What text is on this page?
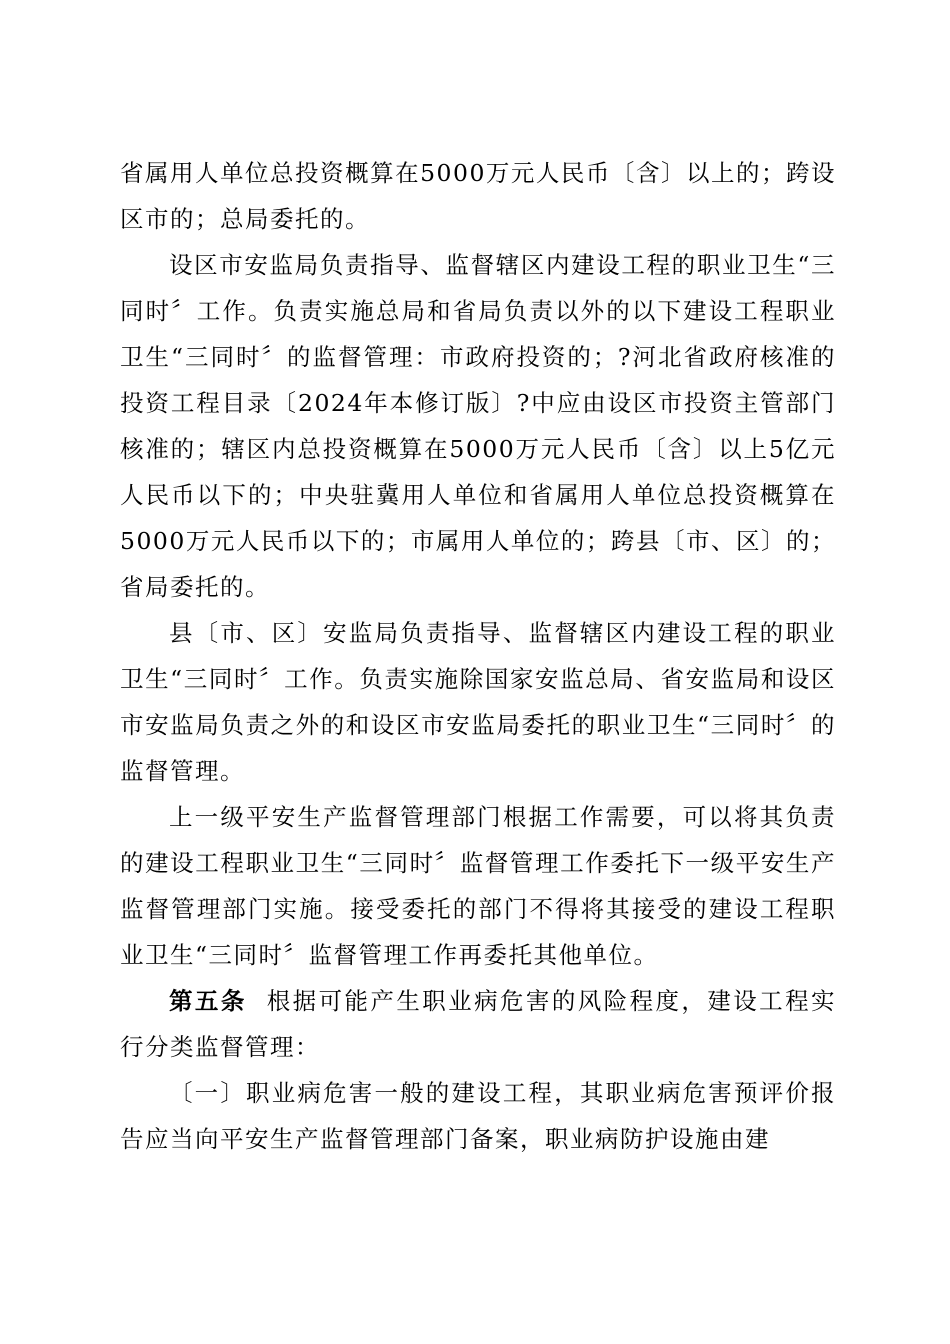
省属用人单位总投资概算在5000万元人民币〔含〕以上的；跨设区市的；总局委托的。

设区市安监局负责指导、监督辖区内建设工程的职业卫生“三同时〞工作。负责实施总局和省局负责以外的以下建设工程职业卫生“三同时〞的监督管理：市政府投资的；?河北省政府核准的投资工程目录〔2024年本修订版〕?中应由设区市投资主管部门核准的；辖区内总投资概算在5000万元人民币〔含〕以上5亿元人民币以下的；中央驻冀用人单位和省属用人单位总投资概算在5000万元人民币以下的；市属用人单位的；跨县〔市、区〕的；省局委托的。

县〔市、区〕安监局负责指导、监督辖区内建设工程的职业卫生“三同时〞工作。负责实施除国家安监总局、省安监局和设区市安监局负责之外的和设区市安监局委托的职业卫生“三同时〞的监督管理。

上一级平安生产监督管理部门根据工作需要，可以将其负责的建设工程职业卫生“三同时〞监督管理工作委托下一级平安生产监督管理部门实施。接受委托的部门不得将其接受的建设工程职业卫生“三同时〞监督管理工作再委托其他单位。

第五条 根据可能产生职业病危害的风险程度，建设工程实行分类监督管理：

〔一〕职业病危害一般的建设工程，其职业病危害预评价报告应当向平安生产监督管理部门备案，职业病防护设施由建
